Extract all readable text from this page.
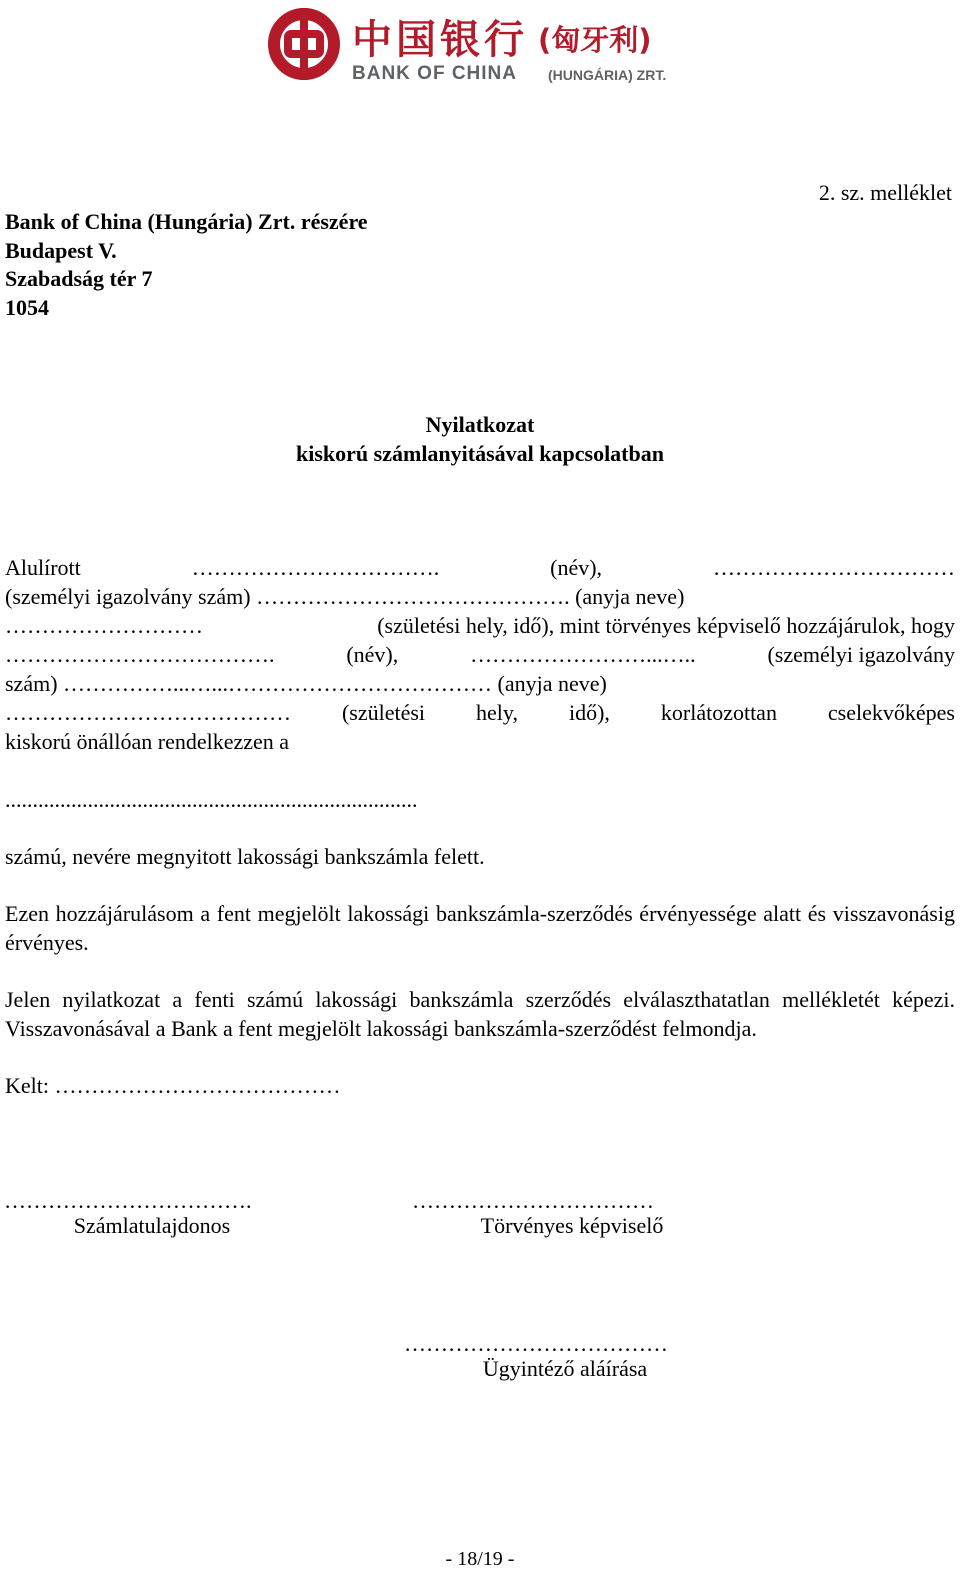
中国银行 (匈牙利)
BANK OF CHINA (HUNGÁRIA) ZRT.
2. sz. melléklet
Bank of China (Hungária) Zrt. részére
Budapest V.
Szabadság tér 7
1054
Nyilatkozat
kiskorú számlanyitásával kapcsolatban
Alulírott	…………………………….	(név),	……………………………
(személyi igazolvány szám) ……………………………………. (anyja neve)
………………………	(születési hely, idő), mint törvényes képviselő hozzájárulok, hogy
……………………………….	(név),	……………………...…..	(személyi igazolvány
szám) ……………...…...……………………………… (anyja neve)
………………………………… (születési hely, idő), korlátozottan cselekvőképes
kiskorú önállóan rendelkezzen a
...........................................................................
számú, nevére megnyitott lakossági bankszámla felett.
Ezen hozzájárulásom a fent megjelölt lakossági bankszámla-szerződés érvényessége alatt és visszavonásig érvényes.
Jelen nyilatkozat a fenti számú lakossági bankszámla szerződés elválaszthatatlan mellékletét képezi. Visszavonásával a Bank a fent megjelölt lakossági bankszámla-szerződést felmondja.
Kelt: …………………………………
…………………………….
Számlatulajdonos
……………………………
Törvényes képviselő
………………………………
Ügyintéző aláírása
- 18/19 -
